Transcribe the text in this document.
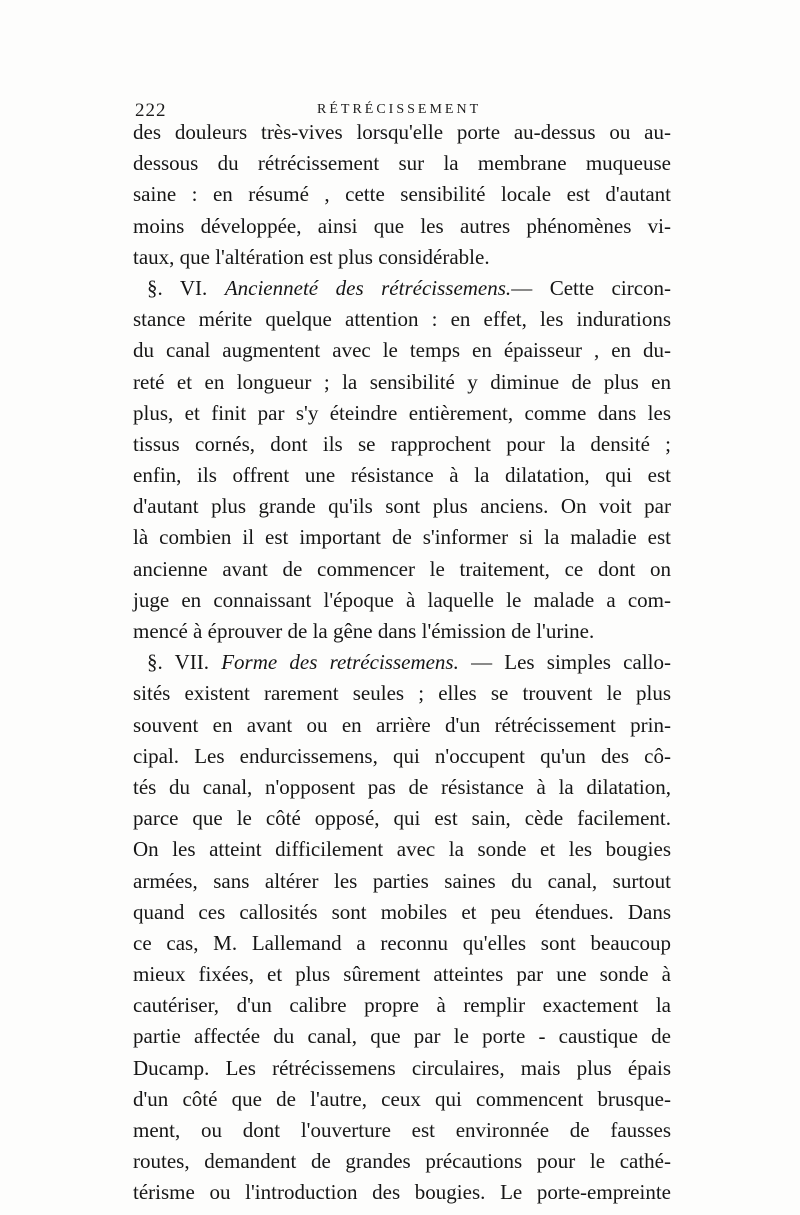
222	RÉTRÉCISSEMENT
des douleurs très-vives lorsqu'elle porte au-dessus ou au-
dessous du rétrécissement sur la membrane muqueuse
saine : en résumé , cette sensibilité locale est d'autant
moins développée, ainsi que les autres phénomènes vi-
taux, que l'altération est plus considérable.
§. VI. Ancienneté des rétrécissemens.— Cette circon-
stance mérite quelque attention : en effet, les indurations
du canal augmentent avec le temps en épaisseur , en du-
reté et en longueur ; la sensibilité y diminue de plus en
plus, et finit par s'y éteindre entièrement, comme dans les
tissus cornés, dont ils se rapprochent pour la densité ;
enfin, ils offrent une résistance à la dilatation, qui est
d'autant plus grande qu'ils sont plus anciens. On voit par
là combien il est important de s'informer si la maladie est
ancienne avant de commencer le traitement, ce dont on
juge en connaissant l'époque à laquelle le malade a com-
mencé à éprouver de la gêne dans l'émission de l'urine.
§. VII. Forme des retrécissemens. — Les simples callo-
sités existent rarement seules ; elles se trouvent le plus
souvent en avant ou en arrière d'un rétrécissement prin-
cipal. Les endurcissemens, qui n'occupent qu'un des cô-
tés du canal, n'opposent pas de résistance à la dilatation,
parce que le côté opposé, qui est sain, cède facilement.
On les atteint difficilement avec la sonde et les bougies
armées, sans altérer les parties saines du canal, surtout
quand ces callosités sont mobiles et peu étendues. Dans
ce cas, M. Lallemand a reconnu qu'elles sont beaucoup
mieux fixées, et plus sûrement atteintes par une sonde à
cautériser, d'un calibre propre à remplir exactement la
partie affectée du canal, que par le porte - caustique de
Ducamp. Les rétrécissemens circulaires, mais plus épais
d'un côté que de l'autre, ceux qui commencent brusque-
ment, ou dont l'ouverture est environnée de fausses
routes, demandent de grandes précautions pour le cathé-
térisme ou l'introduction des bougies. Le porte-empreinte
